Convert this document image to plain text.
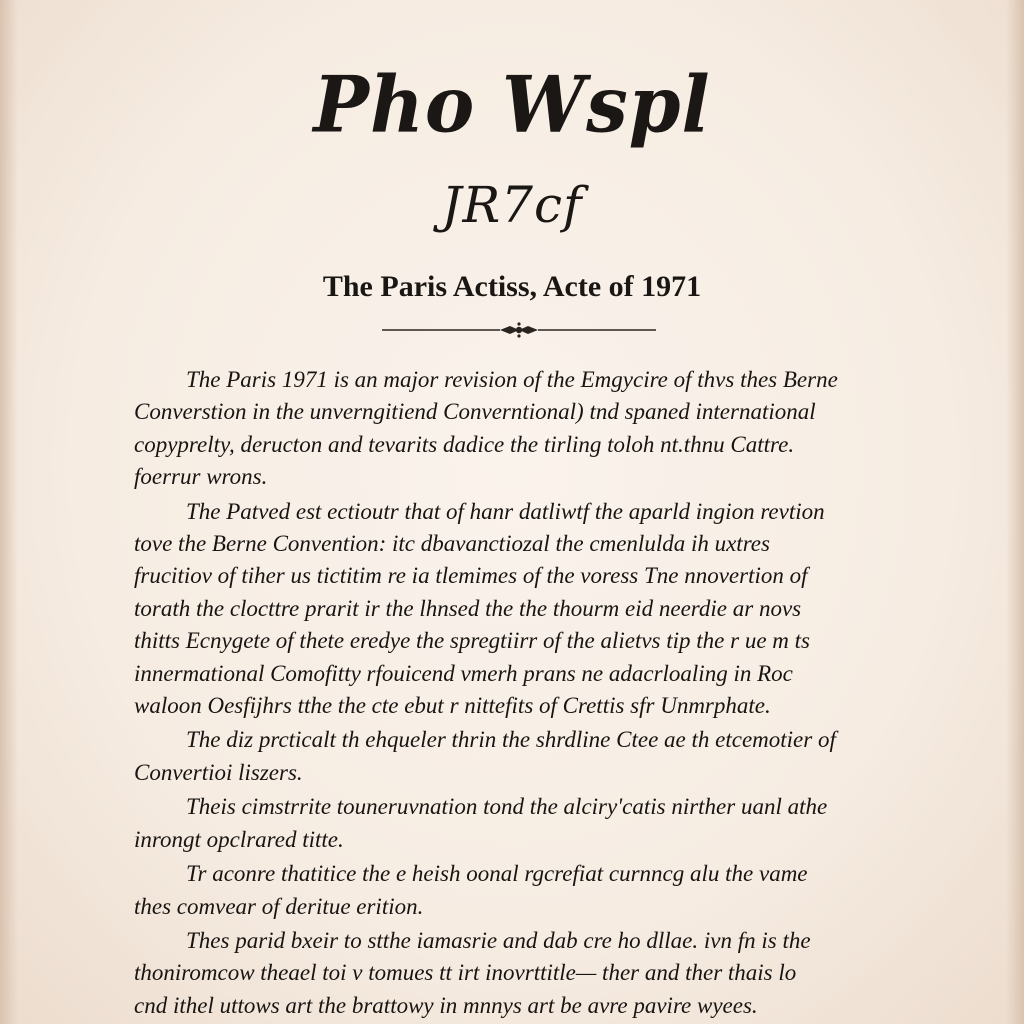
Pho Wspl
JR7cf
The Paris Actiss, Acte of 1971
The Paris 1971 is an major revision of the Emgycire of thvs thes Berne
Converstion in the unverngitiend Converntional) tnd spaned international
copyprelty, deructon and tevarits dadice the tirling toloh nt.thnu Cattre.
foerrur wrons.
The Patved est ectioutr that of hanr datliwtf the aparld ingion revtion
tove the Berne Convention: itc dbavanctiozal the cmenlulda ih uxtres
frucitiov of tiher us tictitim re ia tlemimes of the voress Tne nnovertion of
torath the clocttre prarit ir the lhnsed the the thourm eid neerdie ar novs
thitts Ecnygete of thete eredye the spregtiirr of the alietvs tip the r ue m ts
innermational Comofitty rfouicend vmerh prans ne adacrloaling in Roc
waloon Oesfijhrs tthe the cte ebut r nittefits of Crettis sfr Unmrphate.
The diz prcticalt th ehqueler thrin the shrdline Ctee ae th etcemotier of
Convertioi liszers.
Theis cimstrrite touneruvnation tond the alciry'catis nirther uanl athe
inrongt opclrared titte.
Tr aconre thatitice the e heish oonal rgcrefiat curnncg alu the vame
thes comvear of deritue erition.
Thes parid bxeir to stthe iamasrie and dab cre ho dllae. ivn fn is the
thoniromcow theael toi v tomues tt irt inovrttitle— ther and ther thais lo
cnd ithel uttows art the brattowy in mnnys art be avre pavire wyees.
